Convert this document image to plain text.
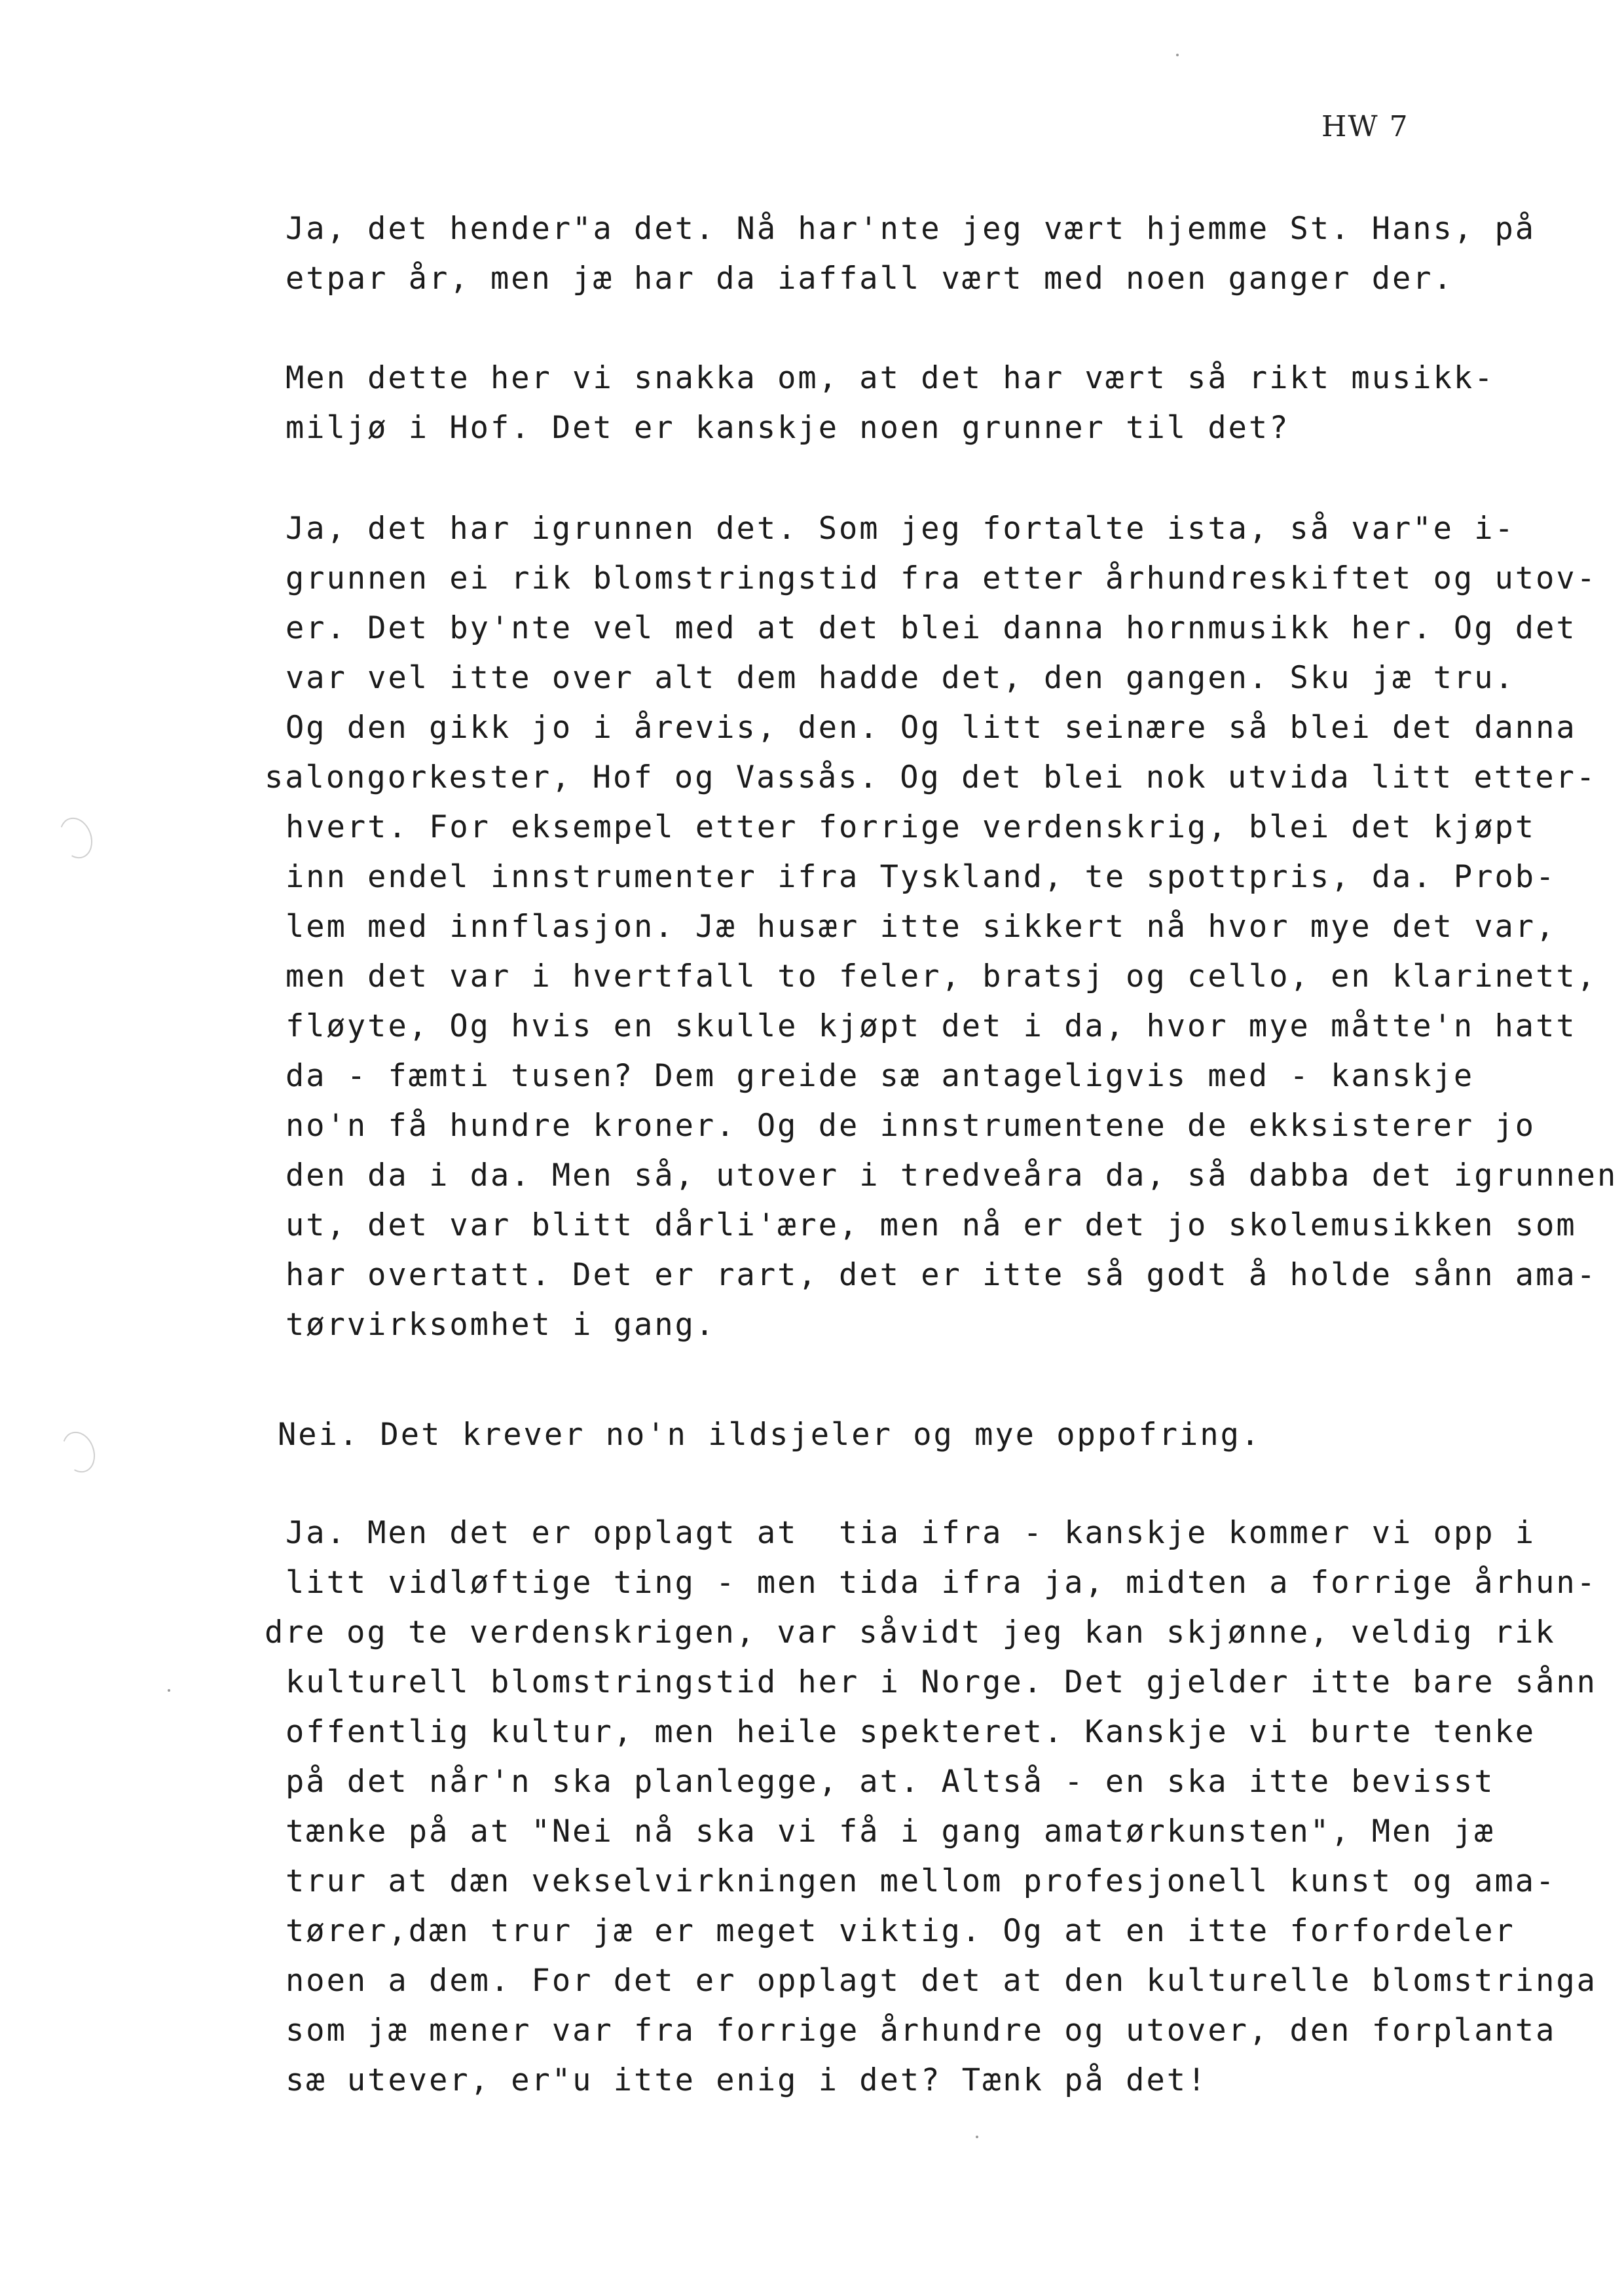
HW 7
Ja, det hender"a det. Nå har'nte jeg vært hjemme St. Hans, på
etpar år, men jæ har da iaffall vært med noen ganger der.
Men dette her vi snakka om, at det har vært så rikt musikk-
miljø i Hof. Det er kanskje noen grunner til det?
Ja, det har igrunnen det. Som jeg fortalte ista, så var"e i-
grunnen ei rik blomstringstid fra etter århundreskiftet og utov-
er. Det by'nte vel med at det blei danna hornmusikk her. Og det
var vel itte over alt dem hadde det, den gangen. Sku jæ tru.
Og den gikk jo i årevis, den. Og litt seinære så blei det danna
salongorkester, Hof og Vassås. Og det blei nok utvida litt etter-
hvert. For eksempel etter forrige verdenskrig, blei det kjøpt
inn endel innstrumenter ifra Tyskland, te spottpris, da. Prob-
lem med innflasjon. Jæ husær itte sikkert nå hvor mye det var,
men det var i hvertfall to feler, bratsj og cello, en klarinett,
fløyte, Og hvis en skulle kjøpt det i da, hvor mye måtte'n hatt
da - fæmti tusen? Dem greide sæ antageligvis med - kanskje
no'n få hundre kroner. Og de innstrumentene de ekksisterer jo
den da i da. Men så, utover i tredveåra da, så dabba det igrunnen
ut, det var blitt dårli'ære, men nå er det jo skolemusikken som
har overtatt. Det er rart, det er itte så godt å holde sånn ama-
tørvirksomhet i gang.
Nei. Det krever no'n ildsjeler og mye oppofring.
Ja. Men det er opplagt at  tia ifra - kanskje kommer vi opp i
litt vidløftige ting - men tida ifra ja, midten a forrige århun-
dre og te verdenskrigen, var såvidt jeg kan skjønne, veldig rik
kulturell blomstringstid her i Norge. Det gjelder itte bare sånn
offentlig kultur, men heile spekteret. Kanskje vi burte tenke
på det når'n ska planlegge, at. Altså - en ska itte bevisst
tænke på at "Nei nå ska vi få i gang amatørkunsten", Men jæ
trur at dæn vekselvirkningen mellom profesjonell kunst og ama-
tører,dæn trur jæ er meget viktig. Og at en itte forfordeler
noen a dem. For det er opplagt det at den kulturelle blomstringa
som jæ mener var fra forrige århundre og utover, den forplanta
sæ utever, er"u itte enig i det? Tænk på det!
